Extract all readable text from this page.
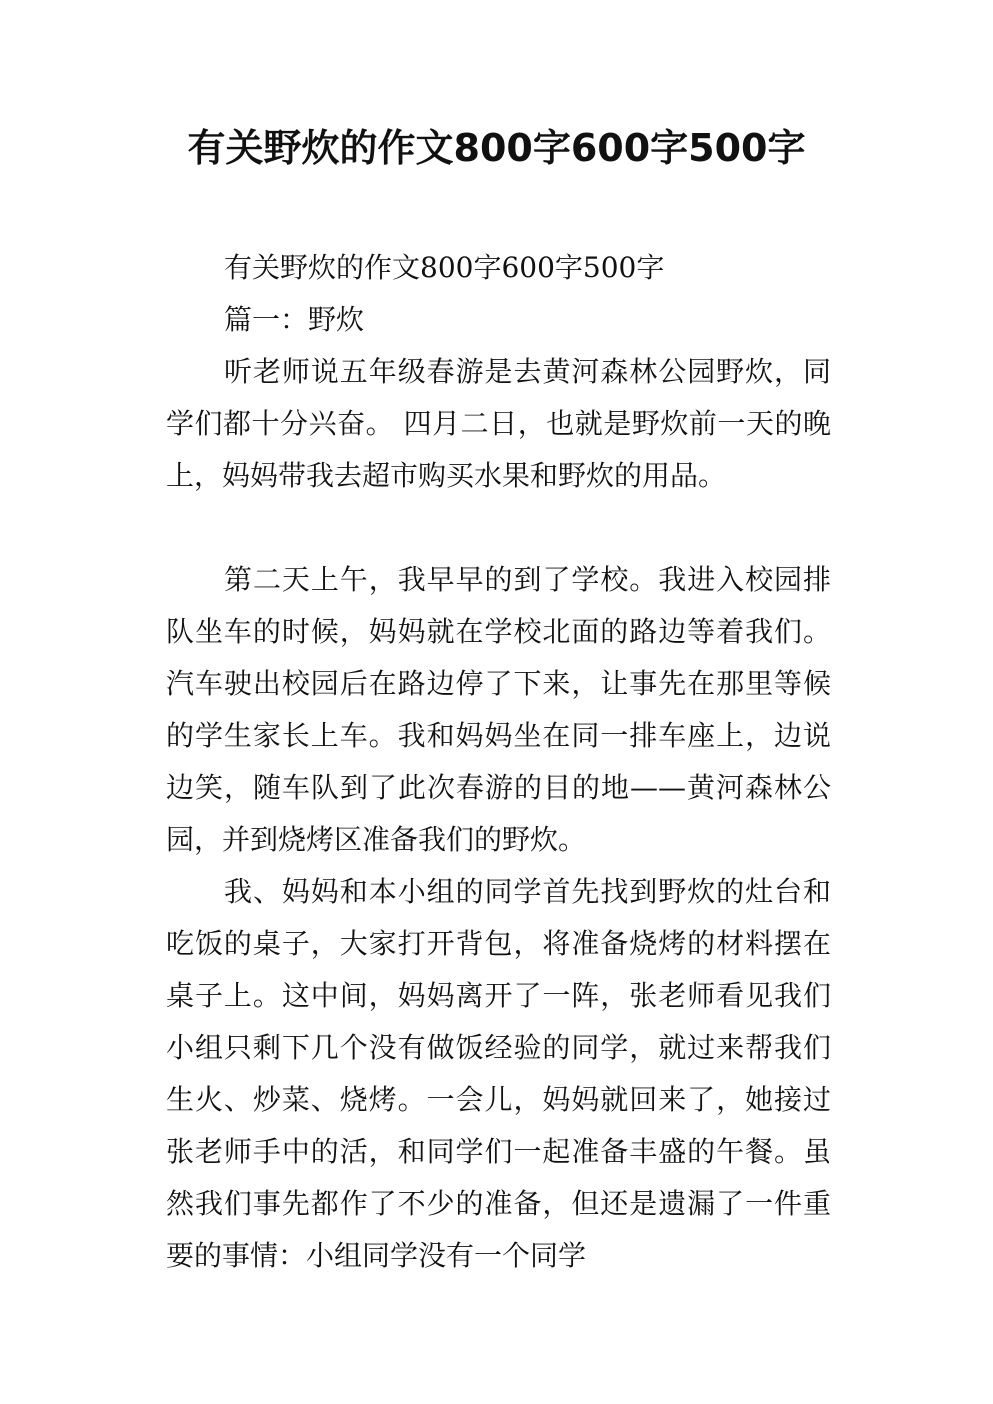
有关野炊的作文800字600字500字

有关野炊的作文800字600字500字

篇一：野炊

听老师说五年级春游是去黄河森林公园野炊，同学们都十分兴奋。 四月二日，也就是野炊前一天的晚上，妈妈带我去超市购买水果和野炊的用品。

第二天上午，我早早的到了学校。我进入校园排队坐车的时候，妈妈就在学校北面的路边等着我们。汽车驶出校园后在路边停了下来，让事先在那里等候的学生家长上车。我和妈妈坐在同一排车座上，边说边笑，随车队到了此次春游的目的地——黄河森林公园，并到烧烤区准备我们的野炊。

我、妈妈和本小组的同学首先找到野炊的灶台和吃饭的桌子，大家打开背包，将准备烧烤的材料摆在桌子上。这中间，妈妈离开了一阵，张老师看见我们小组只剩下几个没有做饭经验的同学，就过来帮我们生火、炒菜、烧烤。一会儿，妈妈就回来了，她接过张老师手中的活，和同学们一起准备丰盛的午餐。虽然我们事先都作了不少的准备，但还是遗漏了一件重要的事情：小组同学没有一个同学
